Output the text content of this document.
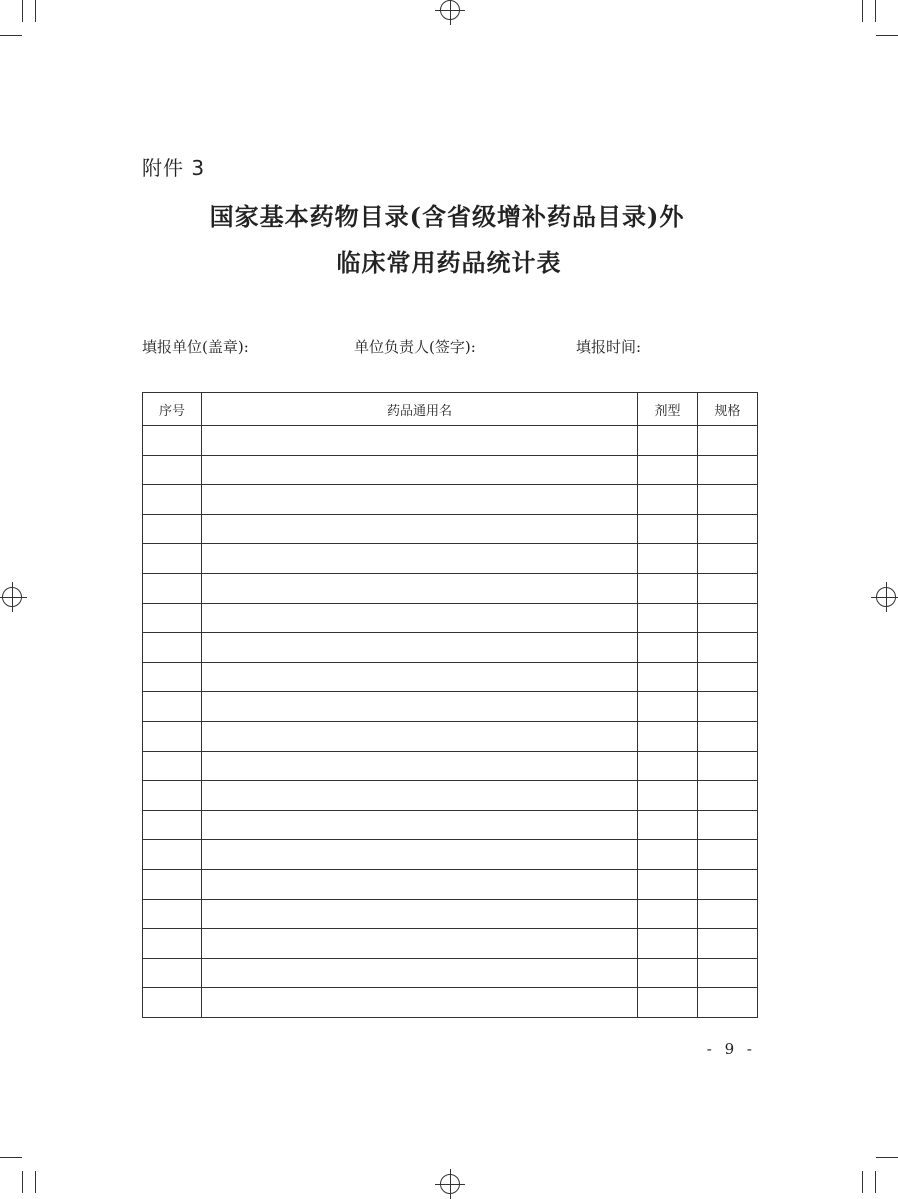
附件 3
国家基本药物目录(含省级增补药品目录)外
临床常用药品统计表
填报单位(盖章):	单位负责人(签字):	填报时间:
序号	药品通用名	剂型	规格

- 9 -
